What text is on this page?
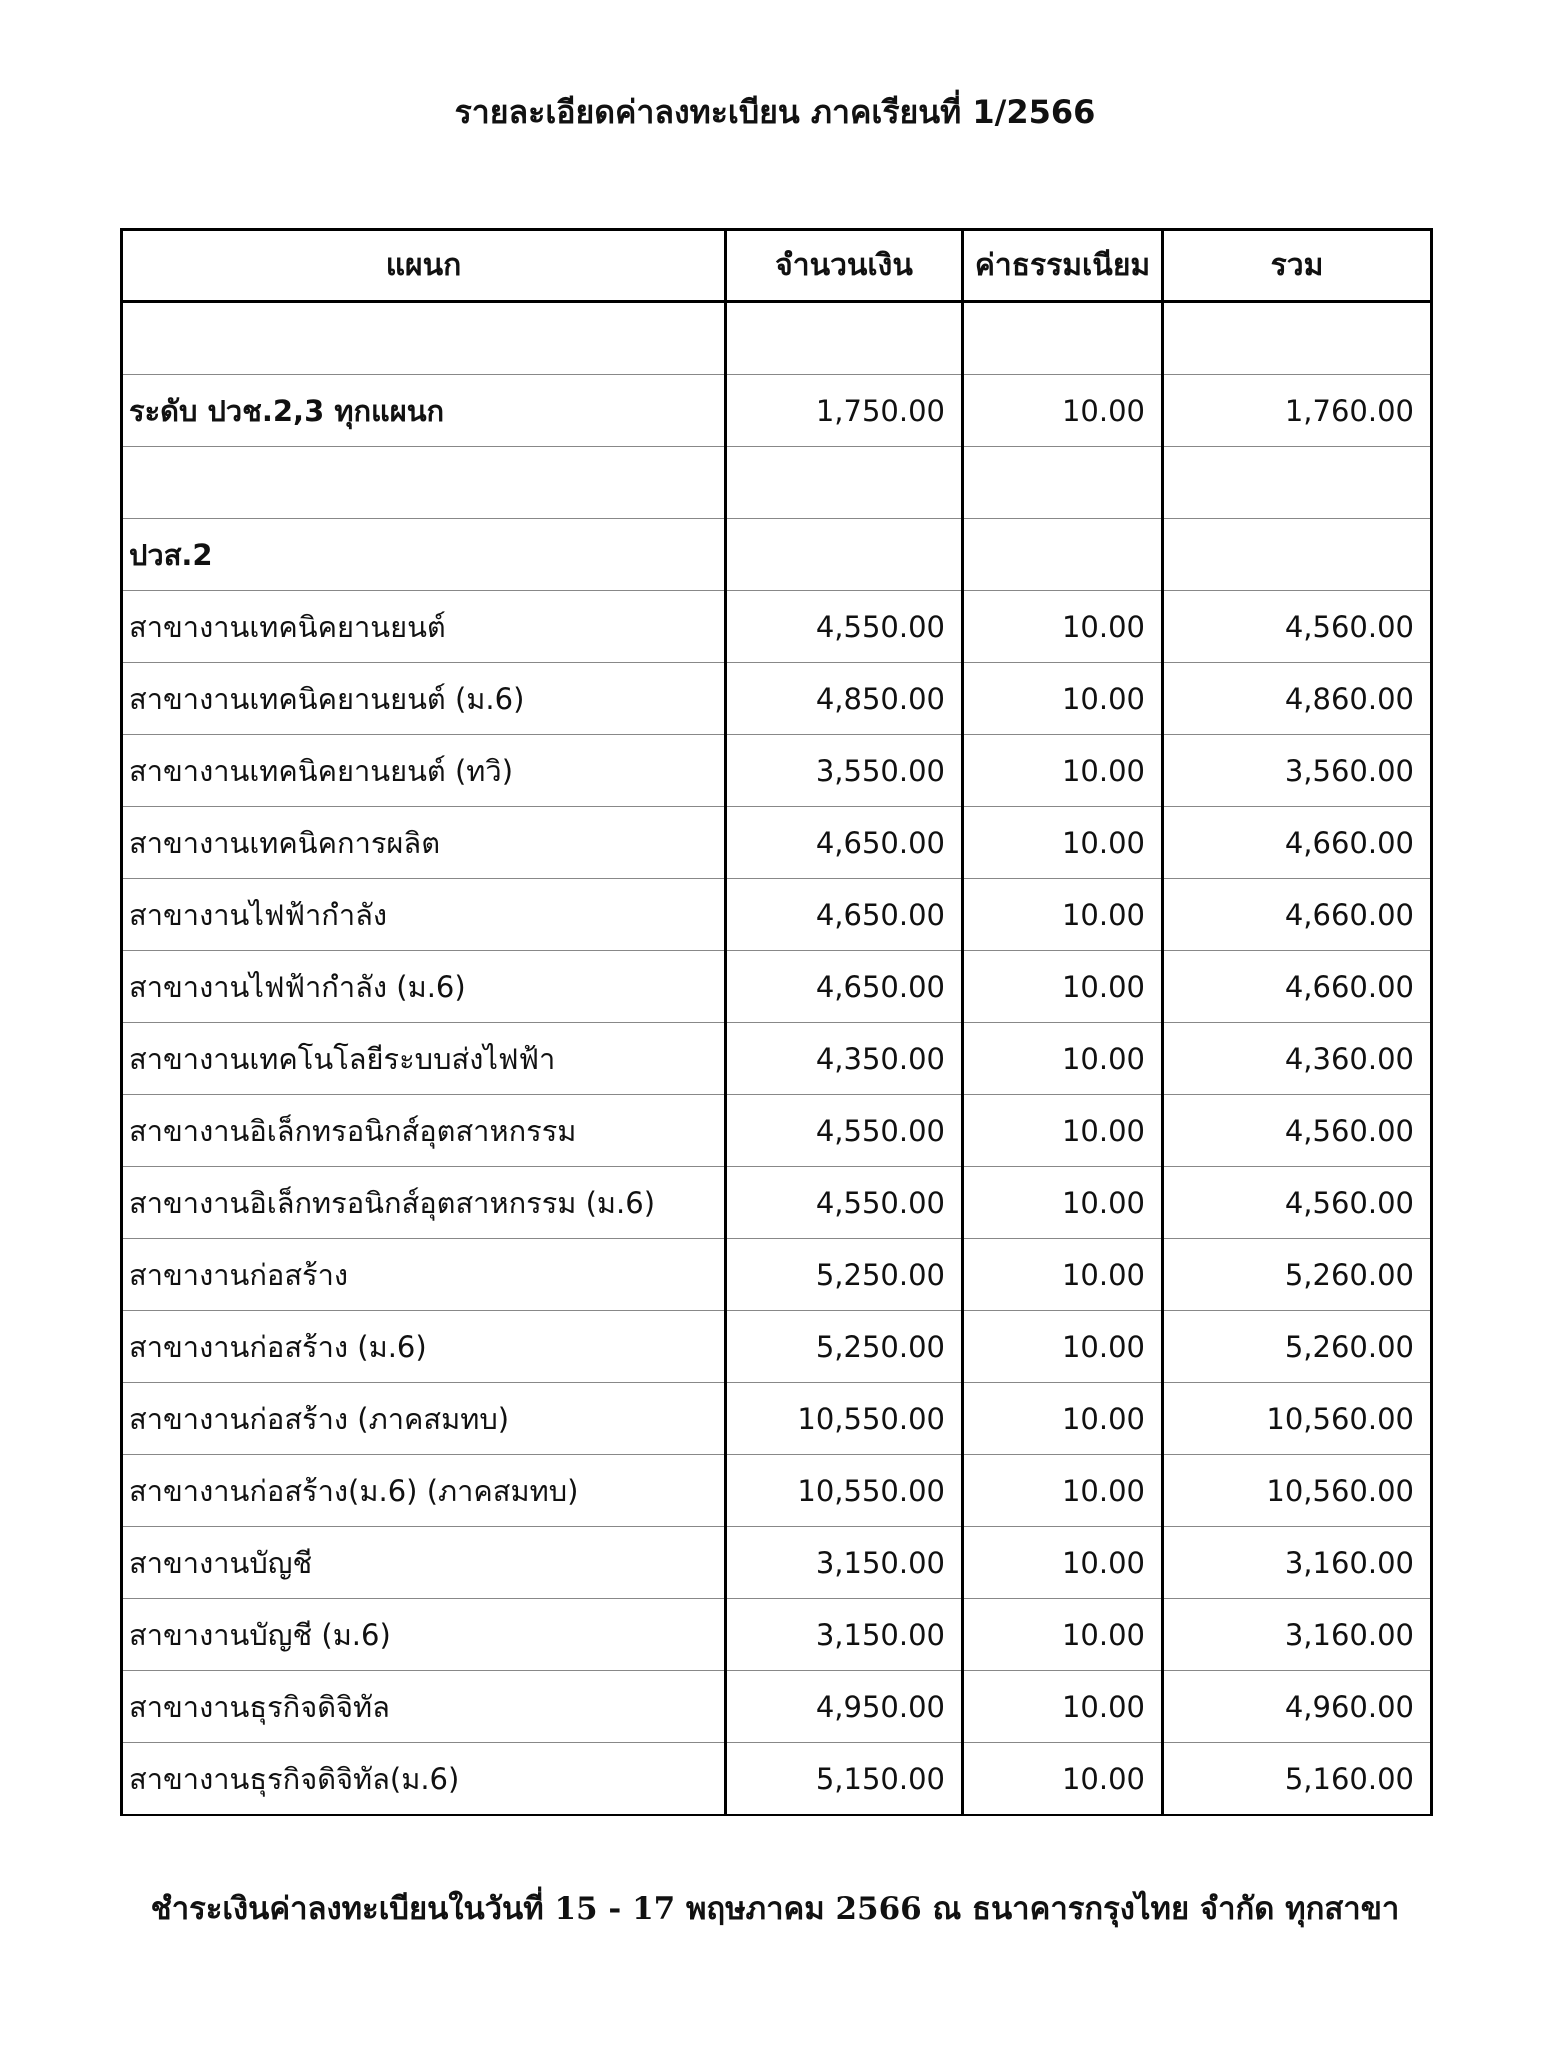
รายละเอียดค่าลงทะเบียน ภาคเรียนที่ 1/2566
แผนก	จำนวนเงิน	ค่าธรรมเนียม	รวม

ระดับ ปวช.2,3 ทุกแผนก	1,750.00	10.00	1,760.00

ปวส.2			
สาขางานเทคนิคยานยนต์	4,550.00	10.00	4,560.00
สาขางานเทคนิคยานยนต์ (ม.6)	4,850.00	10.00	4,860.00
สาขางานเทคนิคยานยนต์ (ทวิ)	3,550.00	10.00	3,560.00
สาขางานเทคนิคการผลิต	4,650.00	10.00	4,660.00
สาขางานไฟฟ้ากำลัง	4,650.00	10.00	4,660.00
สาขางานไฟฟ้ากำลัง (ม.6)	4,650.00	10.00	4,660.00
สาขางานเทคโนโลยีระบบส่งไฟฟ้า	4,350.00	10.00	4,360.00
สาขางานอิเล็กทรอนิกส์อุตสาหกรรม	4,550.00	10.00	4,560.00
สาขางานอิเล็กทรอนิกส์อุตสาหกรรม (ม.6)	4,550.00	10.00	4,560.00
สาขางานก่อสร้าง	5,250.00	10.00	5,260.00
สาขางานก่อสร้าง (ม.6)	5,250.00	10.00	5,260.00
สาขางานก่อสร้าง (ภาคสมทบ)	10,550.00	10.00	10,560.00
สาขางานก่อสร้าง(ม.6) (ภาคสมทบ)	10,550.00	10.00	10,560.00
สาขางานบัญชี	3,150.00	10.00	3,160.00
สาขางานบัญชี (ม.6)	3,150.00	10.00	3,160.00
สาขางานธุรกิจดิจิทัล	4,950.00	10.00	4,960.00
สาขางานธุรกิจดิจิทัล(ม.6)	5,150.00	10.00	5,160.00

ชำระเงินค่าลงทะเบียนในวันที่ 15 - 17 พฤษภาคม 2566 ณ ธนาคารกรุงไทย จำกัด ทุกสาขา
